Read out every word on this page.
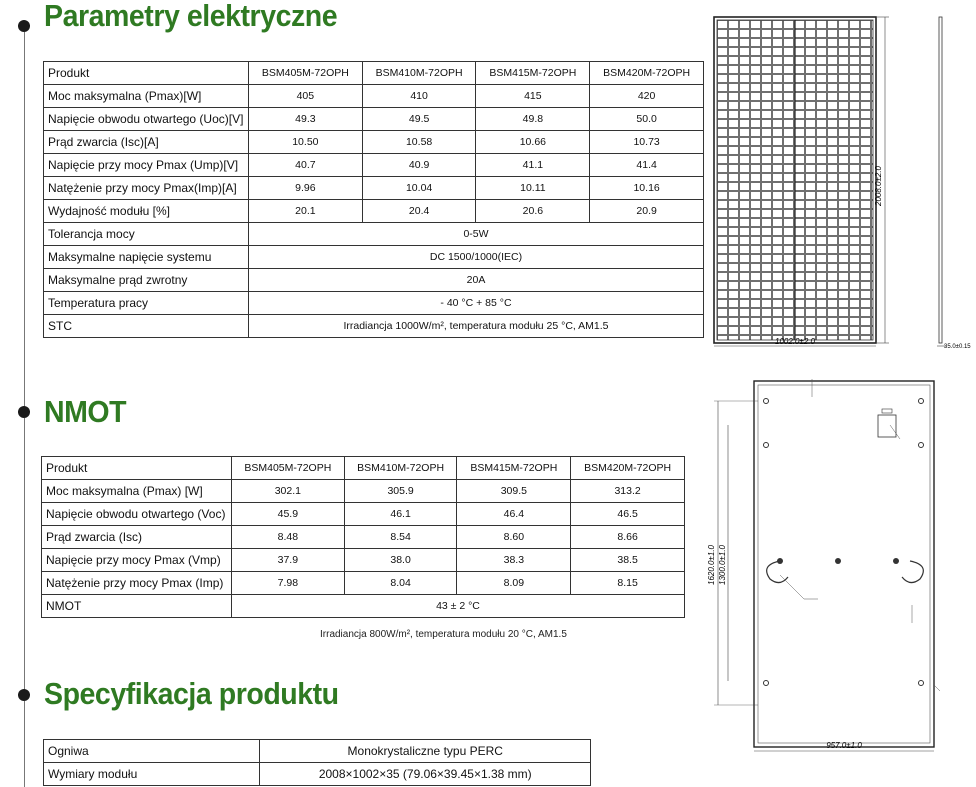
Parametry elektryczne
NMOT
Specyfikacja produktu
Produkt	BSM405M-72OPH	BSM410M-72OPH	BSM415M-72OPH	BSM420M-72OPH
Moc maksymalna (Pmax)[W]	405	410	415	420
Napięcie obwodu otwartego (Uoc)[V]	49.3	49.5	49.8	50.0
Prąd zwarcia (Isc)[A]	10.50	10.58	10.66	10.73
Napięcie przy mocy Pmax (Ump)[V]	40.7	40.9	41.1	41.4
Natężenie przy mocy Pmax(Imp)[A]	9.96	10.04	10.11	10.16
Wydajność modułu [%]	20.1	20.4	20.6	20.9
Tolerancja mocy	0-5W			
Maksymalne napięcie systemu	DC 1500/1000(IEC)			
Maksymalne prąd zwrotny	20A			
Temperatura pracy	- 40 °C + 85 °C			
STC	Irradiancja 1000W/m², temperatura modułu 25 °C, AM1.5			
Produkt	BSM405M-72OPH	BSM410M-72OPH	BSM415M-72OPH	BSM420M-72OPH
Moc maksymalna (Pmax) [W]	302.1	305.9	309.5	313.2
Napięcie obwodu otwartego (Voc)	45.9	46.1	46.4	46.5
Prąd zwarcia (Isc)	8.48	8.54	8.60	8.66
Napięcie przy mocy Pmax (Vmp)	37.9	38.0	38.3	38.5
Natężenie przy mocy Pmax (Imp)	7.98	8.04	8.09	8.15
NMOT	43 ± 2 °C			
Irradiancja 800W/m², temperatura modułu 20 °C, AM1.5
Ogniwa	Monokrystaliczne typu PERC
Wymiary modułu	2008×1002×35 (79.06×39.45×1.38 mm)
2008.0±2.0
1002.0±2.0
35.0±0.15
1620.0±1.0 1300.0±1.0
957.0±1.0
